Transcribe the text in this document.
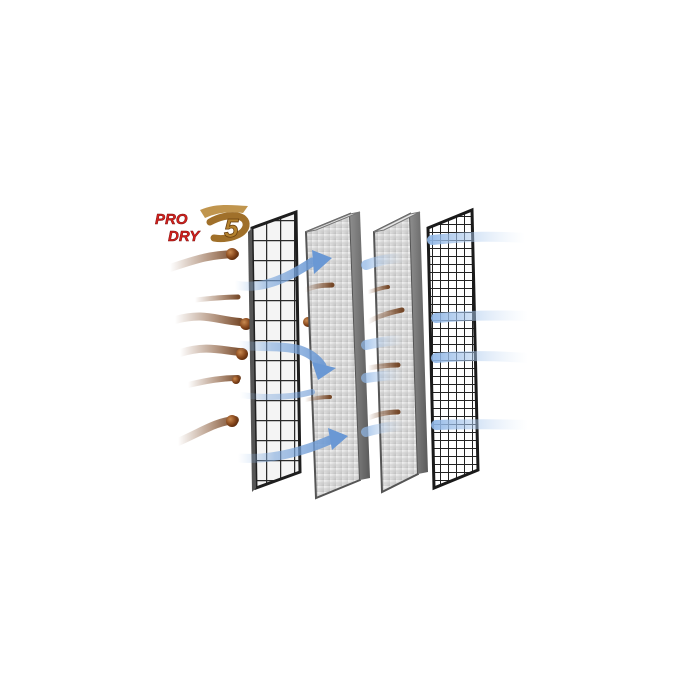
PRO
DRY 5
